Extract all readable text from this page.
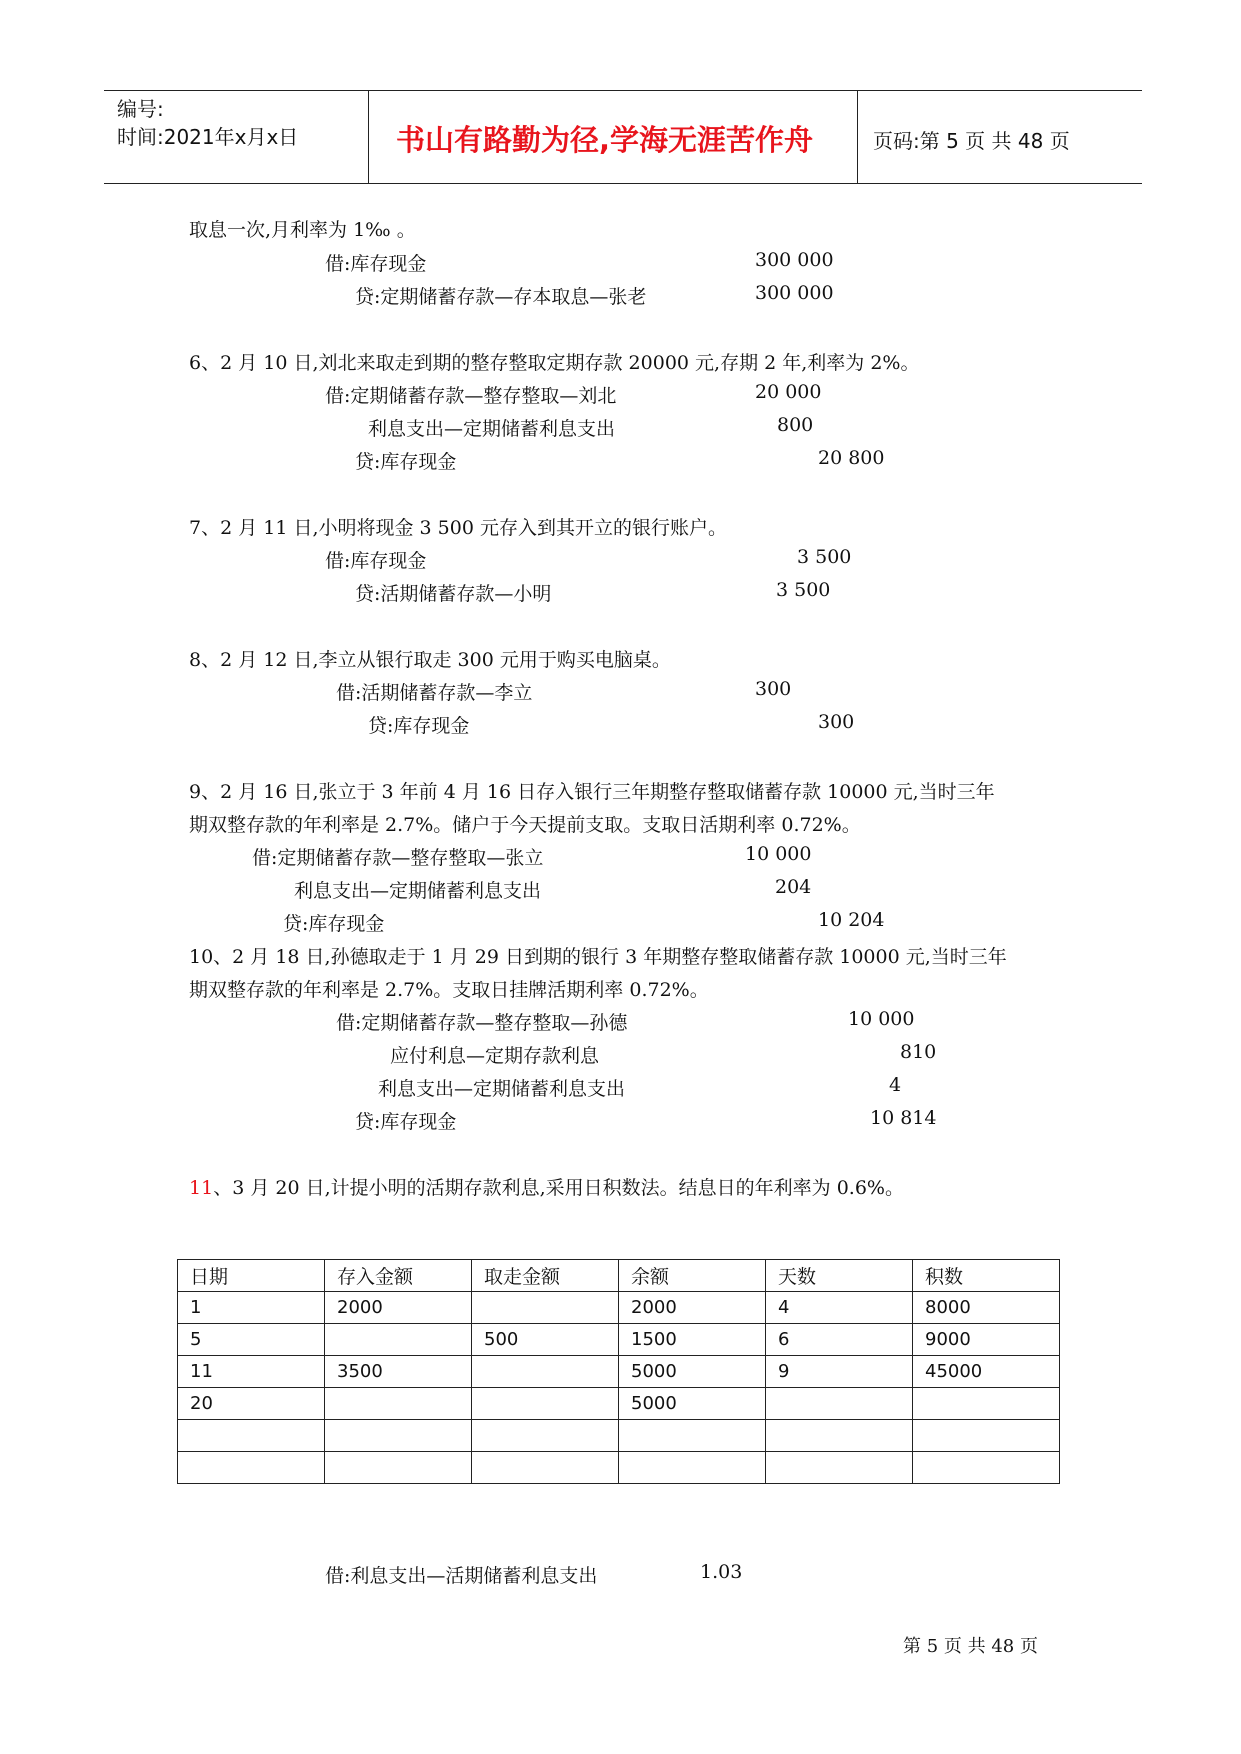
编号:
时间:2021年x月x日	书山有路勤为径,学海无涯苦作舟	页码:第 5 页 共 48 页
取息一次,月利率为 1‰ 。
借:库存现金	300 000
贷:定期储蓄存款—存本取息—张老	300 000
6、2 月 10 日,刘北来取走到期的整存整取定期存款 20000 元,存期 2 年,利率为 2%。
借:定期储蓄存款—整存整取—刘北	20 000
利息支出—定期储蓄利息支出	800
贷:库存现金	20 800
7、2 月 11 日,小明将现金 3 500 元存入到其开立的银行账户。
借:库存现金	3 500
贷:活期储蓄存款—小明	3 500
8、2 月 12 日,李立从银行取走 300 元用于购买电脑桌。
借:活期储蓄存款—李立	300
贷:库存现金	300
9、2 月 16 日,张立于 3 年前 4 月 16 日存入银行三年期整存整取储蓄存款 10000 元,当时三年
期双整存款的年利率是 2.7%。储户于今天提前支取。支取日活期利率 0.72%。
借:定期储蓄存款—整存整取—张立	10 000
利息支出—定期储蓄利息支出	204
贷:库存现金	10 204
10、2 月 18 日,孙德取走于 1 月 29 日到期的银行 3 年期整存整取储蓄存款 10000 元,当时三年
期双整存款的年利率是 2.7%。支取日挂牌活期利率 0.72%。
借:定期储蓄存款—整存整取—孙德	10 000
应付利息—定期存款利息	810
利息支出—定期储蓄利息支出	4
贷:库存现金	10 814
11、3 月 20 日,计提小明的活期存款利息,采用日积数法。结息日的年利率为 0.6%。
日期	存入金额	取走金额	余额	天数	积数
1	2000		2000	4	8000
5		500	1500	6	9000
11	3500		5000	9	45000
20			5000		

借:利息支出—活期储蓄利息支出	1.03
第 5 页 共 48 页
